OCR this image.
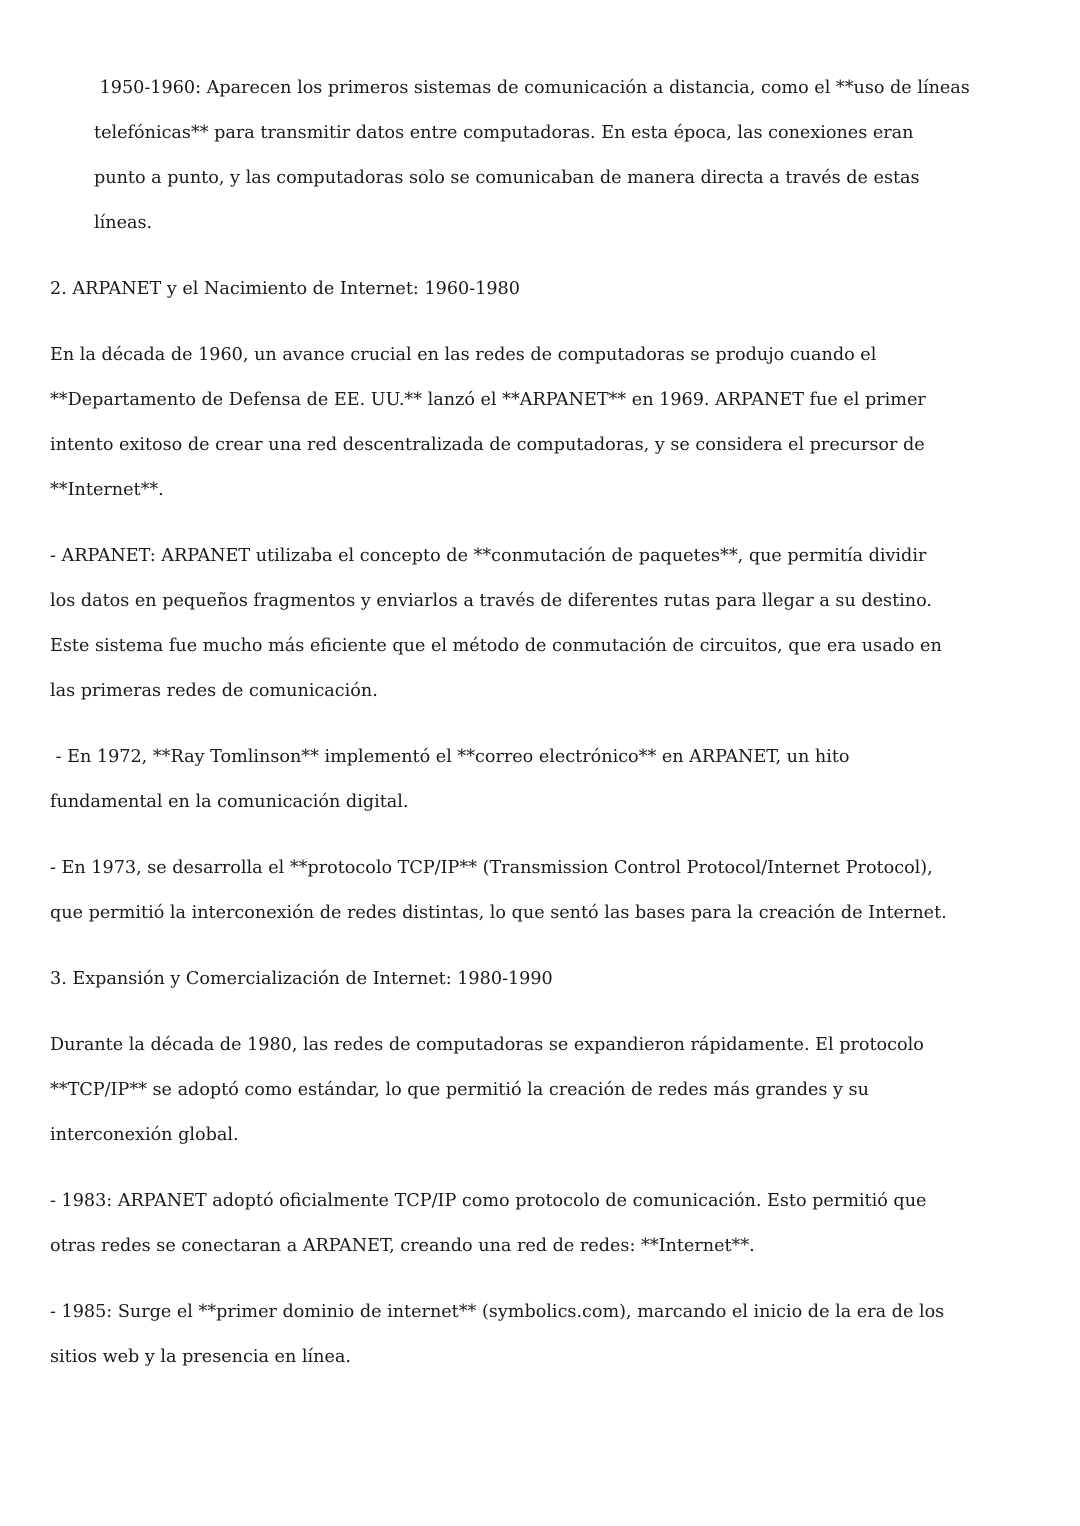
1950-1960: Aparecen los primeros sistemas de comunicación a distancia, como el **uso de líneas
telefónicas** para transmitir datos entre computadoras. En esta época, las conexiones eran
punto a punto, y las computadoras solo se comunicaban de manera directa a través de estas
líneas.
2. ARPANET y el Nacimiento de Internet: 1960-1980
En la década de 1960, un avance crucial en las redes de computadoras se produjo cuando el
**Departamento de Defensa de EE. UU.** lanzó el **ARPANET** en 1969. ARPANET fue el primer
intento exitoso de crear una red descentralizada de computadoras, y se considera el precursor de
**Internet**.
- ARPANET: ARPANET utilizaba el concepto de **conmutación de paquetes**, que permitía dividir
los datos en pequeños fragmentos y enviarlos a través de diferentes rutas para llegar a su destino.
Este sistema fue mucho más eficiente que el método de conmutación de circuitos, que era usado en
las primeras redes de comunicación.
- En 1972, **Ray Tomlinson** implementó el **correo electrónico** en ARPANET, un hito
fundamental en la comunicación digital.
- En 1973, se desarrolla el **protocolo TCP/IP** (Transmission Control Protocol/Internet Protocol),
que permitió la interconexión de redes distintas, lo que sentó las bases para la creación de Internet.
3. Expansión y Comercialización de Internet: 1980-1990
Durante la década de 1980, las redes de computadoras se expandieron rápidamente. El protocolo
**TCP/IP** se adoptó como estándar, lo que permitió la creación de redes más grandes y su
interconexión global.
- 1983: ARPANET adoptó oficialmente TCP/IP como protocolo de comunicación. Esto permitió que
otras redes se conectaran a ARPANET, creando una red de redes: **Internet**.
- 1985: Surge el **primer dominio de internet** (symbolics.com), marcando el inicio de la era de los
sitios web y la presencia en línea.
